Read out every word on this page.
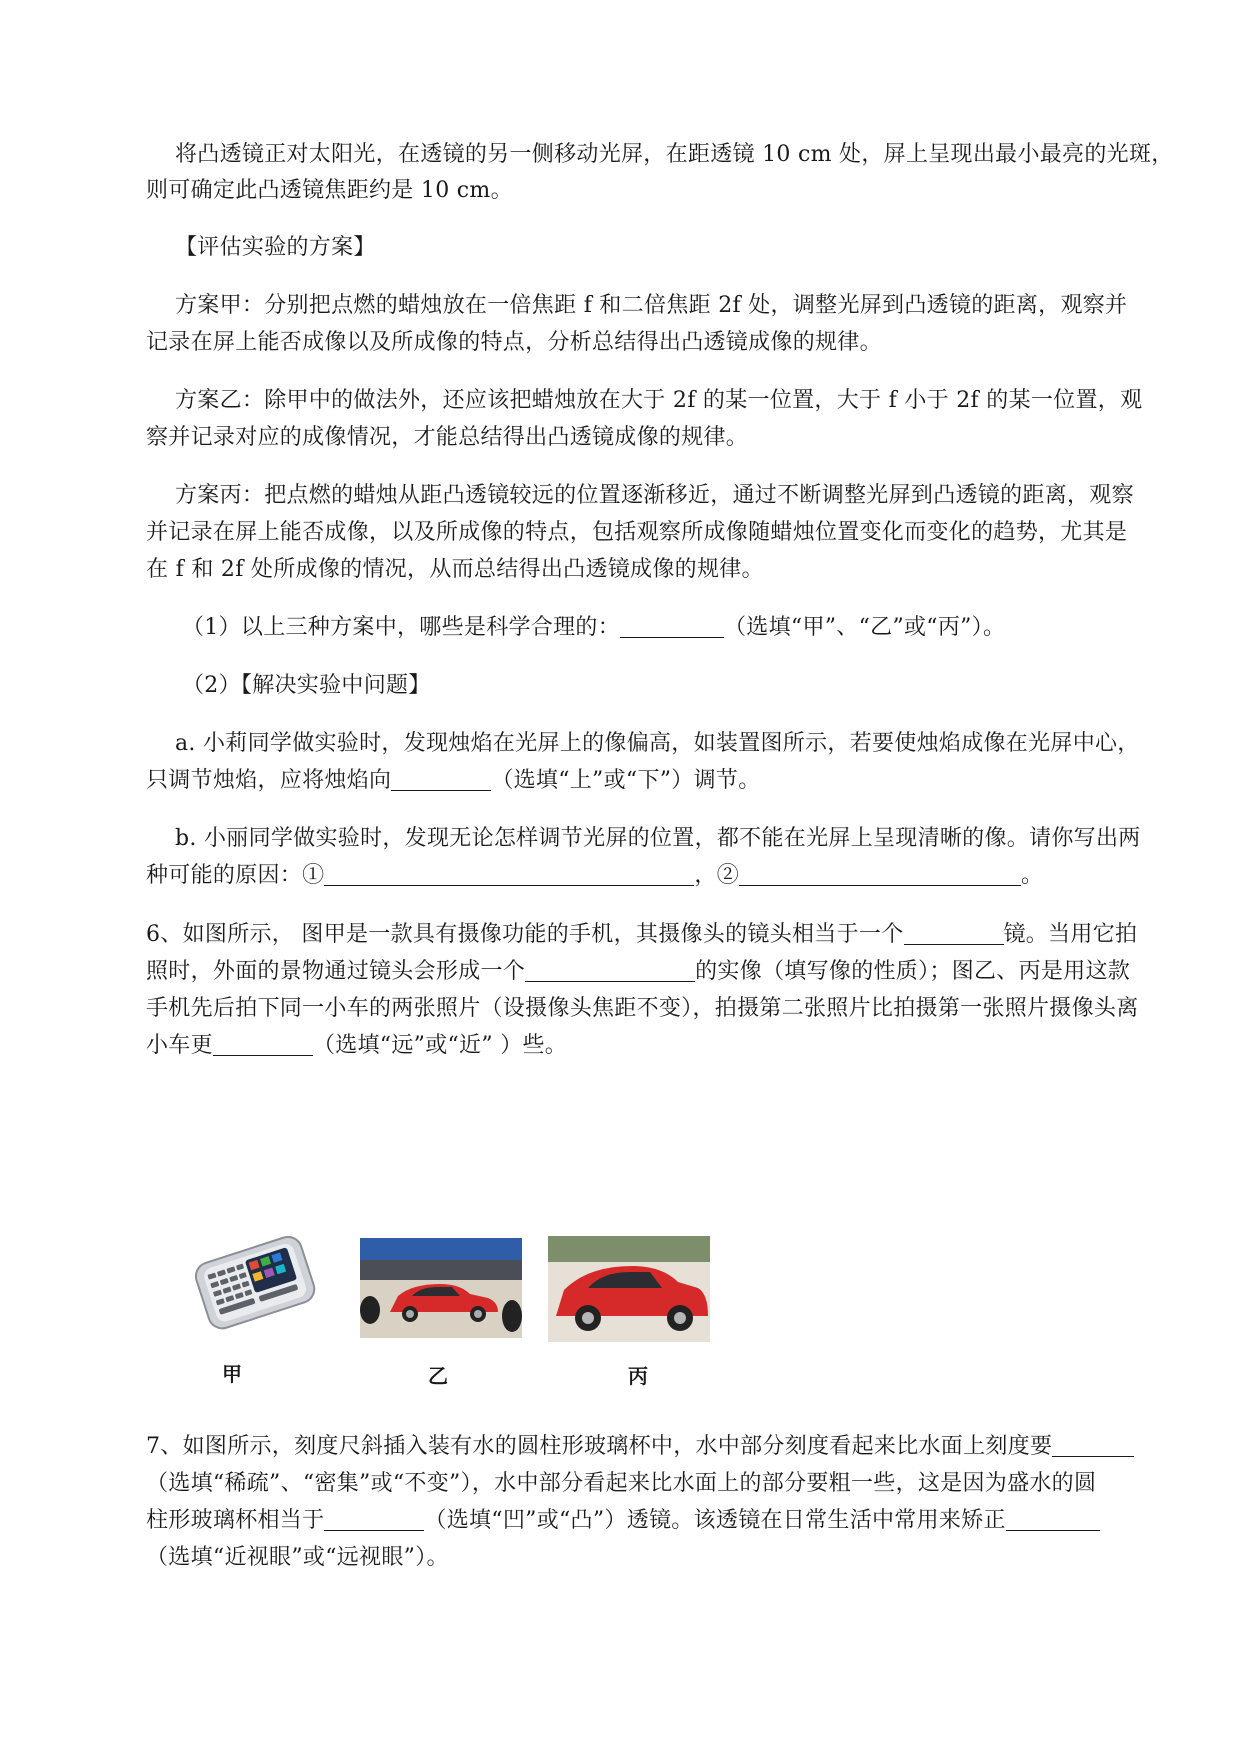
将凸透镜正对太阳光，在透镜的另一侧移动光屏，在距透镜 10 cm 处，屏上呈现出最小最亮的光斑，
则可确定此凸透镜焦距约是 10 cm。
【评估实验的方案】
方案甲：分别把点燃的蜡烛放在一倍焦距 f 和二倍焦距 2f 处，调整光屏到凸透镜的距离，观察并
记录在屏上能否成像以及所成像的特点，分析总结得出凸透镜成像的规律。
方案乙：除甲中的做法外，还应该把蜡烛放在大于 2f 的某一位置，大于 f 小于 2f 的某一位置，观
察并记录对应的成像情况，才能总结得出凸透镜成像的规律。
方案丙：把点燃的蜡烛从距凸透镜较远的位置逐渐移近，通过不断调整光屏到凸透镜的距离，观察
并记录在屏上能否成像，以及所成像的特点，包括观察所成像随蜡烛位置变化而变化的趋势，尤其是
在 f 和 2f 处所成像的情况，从而总结得出凸透镜成像的规律。
（1）以上三种方案中，哪些是科学合理的：	（选填“甲”、“乙”或“丙”）。
（2）【解决实验中问题】
a. 小莉同学做实验时，发现烛焰在光屏上的像偏高，如装置图所示，若要使烛焰成像在光屏中心，
只调节烛焰，应将烛焰向	（选填“上”或“下”）调节。
b. 小丽同学做实验时，发现无论怎样调节光屏的位置，都不能在光屏上呈现清晰的像。请你写出两
种可能的原因：①	，②	。
6、如图所示， 图甲是一款具有摄像功能的手机，其摄像头的镜头相当于一个	镜。当用它拍
照时，外面的景物通过镜头会形成一个	的实像（填写像的性质）；图乙、丙是用这款
手机先后拍下同一小车的两张照片（设摄像头焦距不变），拍摄第二张照片比拍摄第一张照片摄像头离
小车更	（选填“远”或“近” ）些。
甲	乙	丙
7、如图所示，刻度尺斜插入装有水的圆柱形玻璃杯中，水中部分刻度看起来比水面上刻度要
（选填“稀疏”、“密集”或“不变”），水中部分看起来比水面上的部分要粗一些，这是因为盛水的圆
柱形玻璃杯相当于	（选填“凹”或“凸”）透镜。该透镜在日常生活中常用来矫正
（选填“近视眼”或“远视眼”）。
